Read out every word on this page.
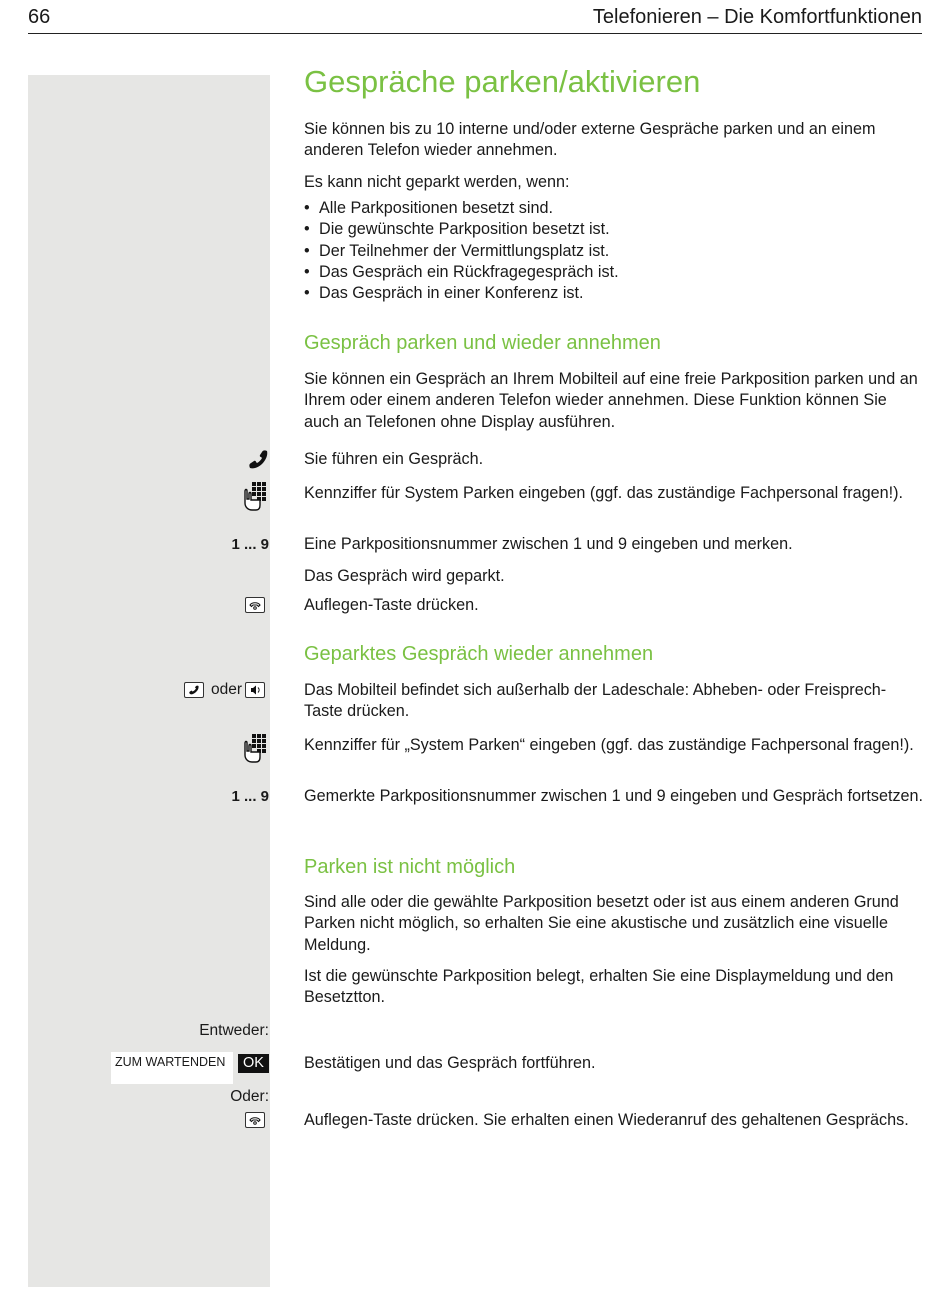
66	Telefonieren – Die Komfortfunktionen
Gespräche parken/aktivieren
Sie können bis zu 10 interne und/oder externe Gespräche parken und an einem anderen Telefon wieder annehmen.
Es kann nicht geparkt werden, wenn:
• Alle Parkpositionen besetzt sind.
• Die gewünschte Parkposition besetzt ist.
• Der Teilnehmer der Vermittlungsplatz ist.
• Das Gespräch ein Rückfragegespräch ist.
• Das Gespräch in einer Konferenz ist.
Gespräch parken und wieder annehmen
Sie können ein Gespräch an Ihrem Mobilteil auf eine freie Parkposition parken und an Ihrem oder einem anderen Telefon wieder annehmen. Diese Funktion können Sie auch an Telefonen ohne Display ausführen.
Sie führen ein Gespräch.
Kennziffer für System Parken eingeben (ggf. das zuständige Fachpersonal fragen!).
1 ... 9 Eine Parkpositionsnummer zwischen 1 und 9 eingeben und merken.
Das Gespräch wird geparkt.
Auflegen-Taste drücken.
Geparktes Gespräch wieder annehmen
oder	Das Mobilteil befindet sich außerhalb der Ladeschale: Abheben- oder Freisprech-Taste drücken.
Kennziffer für „System Parken“ eingeben (ggf. das zuständige Fachpersonal fragen!).
1 ... 9 Gemerkte Parkpositionsnummer zwischen 1 und 9 eingeben und Gespräch fortsetzen.
Parken ist nicht möglich
Sind alle oder die gewählte Parkposition besetzt oder ist aus einem anderen Grund Parken nicht möglich, so erhalten Sie eine akustische und zusätzlich eine visuelle Meldung.
Ist die gewünschte Parkposition belegt, erhalten Sie eine Displaymeldung und den Besetztton.
Entweder:
ZUM WARTENDEN	OK	Bestätigen und das Gespräch fortführen.
Oder:
Auflegen-Taste drücken. Sie erhalten einen Wiederanruf des gehaltenen Gesprächs.
